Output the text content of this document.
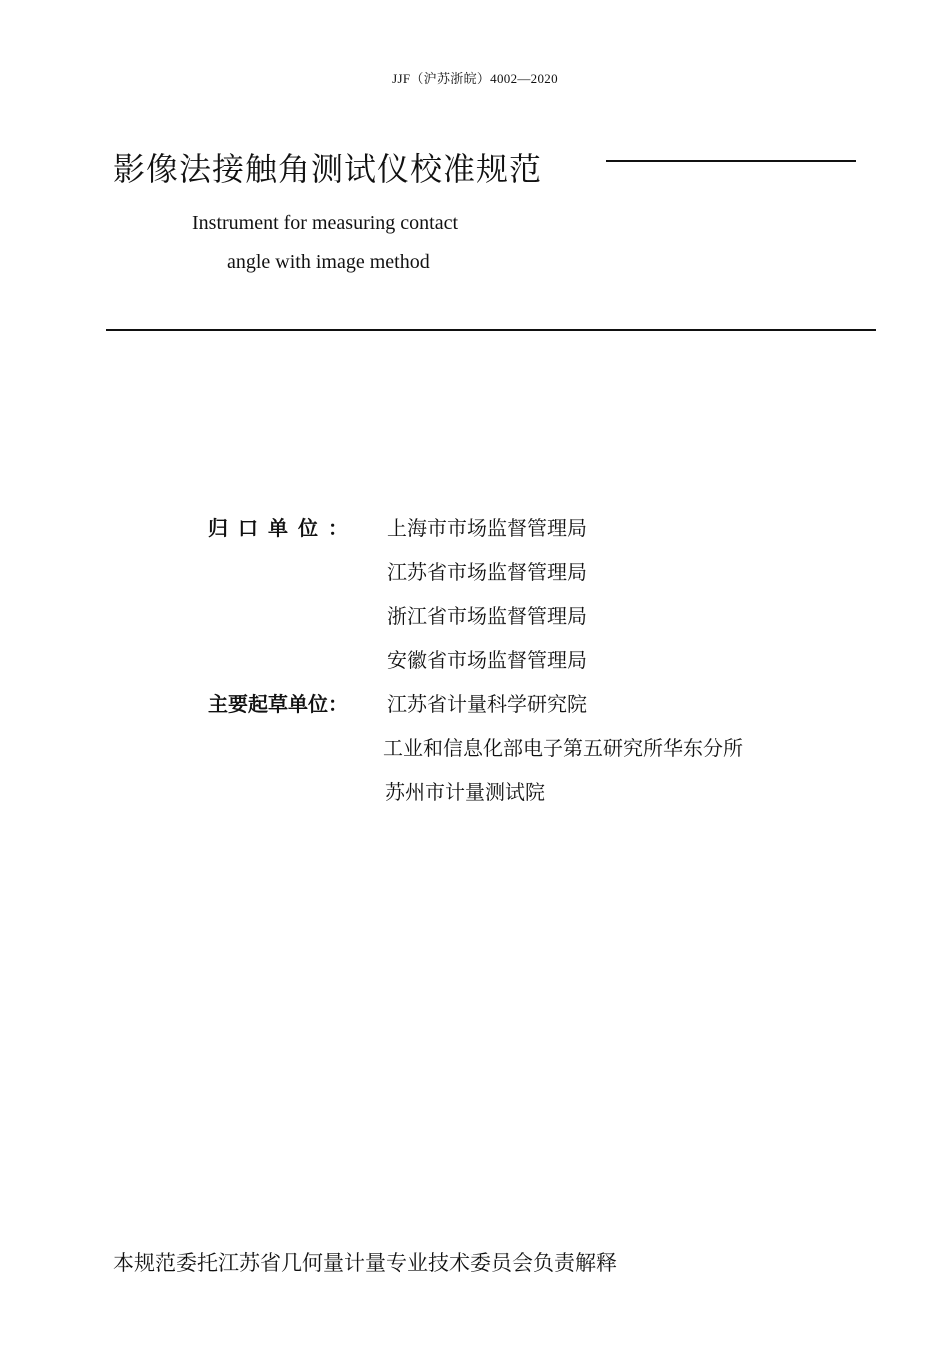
JJF（沪苏浙皖）4002—2020
影像法接触角测试仪校准规范
Instrument for measuring contact
angle with image method
归口单位： 上海市市场监督管理局
江苏省市场监督管理局
浙江省市场监督管理局
安徽省市场监督管理局
主要起草单位： 江苏省计量科学研究院
工业和信息化部电子第五研究所华东分所
苏州市计量测试院
本规范委托江苏省几何量计量专业技术委员会负责解释
